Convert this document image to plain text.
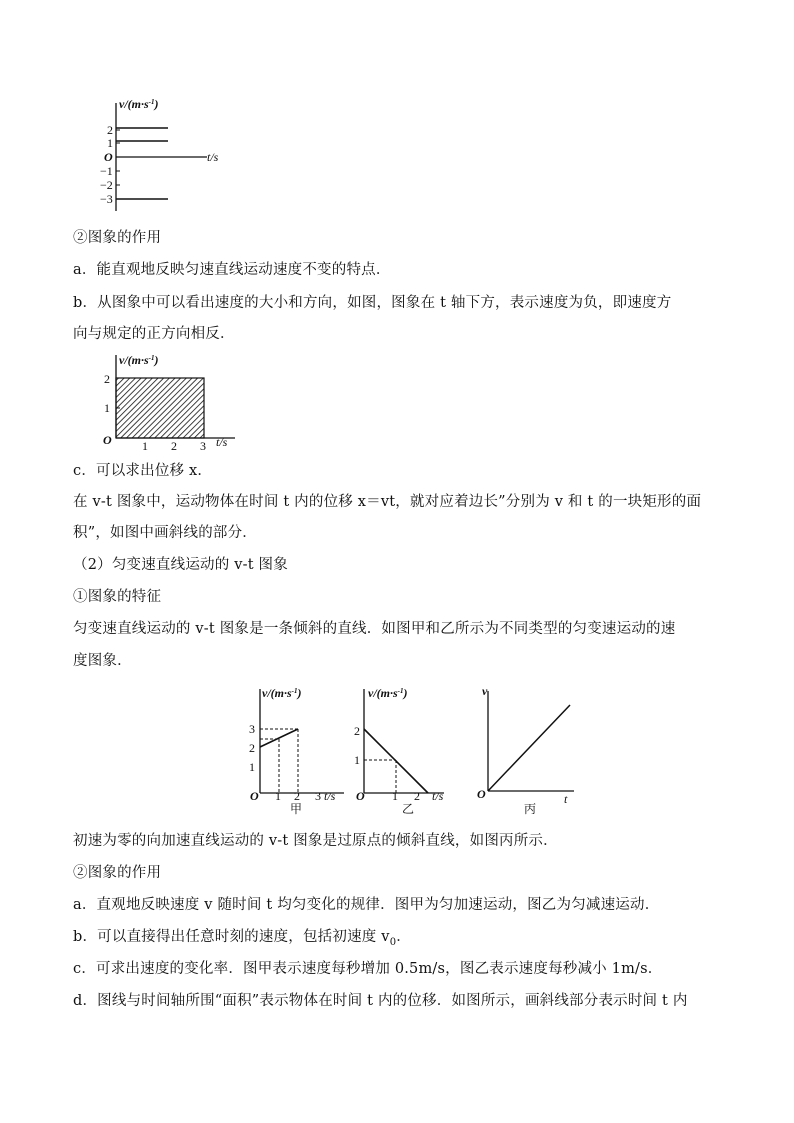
$v/(m\cdot s^{-1})$
t/s
O
2
1
−1
−2
−3
②图象的作用
a．能直观地反映匀速直线运动速度不变的特点．
b．从图象中可以看出速度的大小和方向，如图，图象在 t 轴下方，表示速度为负，即速度方
向与规定的正方向相反．
$v/(m\cdot s^{-1})$
t/s
O
2
1
1 2 3
c．可以求出位移 x．
在 v-t 图象中，运动物体在时间 t 内的位移 x＝vt，就对应着边长”分别为 v 和 t 的一块矩形的面
积”，如图中画斜线的部分．
（2）匀变速直线运动的 v-t 图象
①图象的特征
匀变速直线运动的 v-t 图象是一条倾斜的直线．如图甲和乙所示为不同类型的匀变速运动的速
度图象．
$v/(m\cdot s^{-1})$
3
2
1
O 1 2 3 t/s
甲
$v/(m\cdot s^{-1})$
2
1
O 1 2 t/s
乙
v
O	t
丙
初速为零的向加速直线运动的 v-t 图象是过原点的倾斜直线，如图丙所示．
②图象的作用
a．直观地反映速度 v 随时间 t 均匀变化的规律．图甲为匀加速运动，图乙为匀减速运动．
b．可以直接得出任意时刻的速度，包括初速度 $v_0$．
c．可求出速度的变化率．图甲表示速度每秒增加 0.5m/s，图乙表示速度每秒减小 1m/s．
d．图线与时间轴所围“面积”表示物体在时间 t 内的位移．如图所示，画斜线部分表示时间 t 内
